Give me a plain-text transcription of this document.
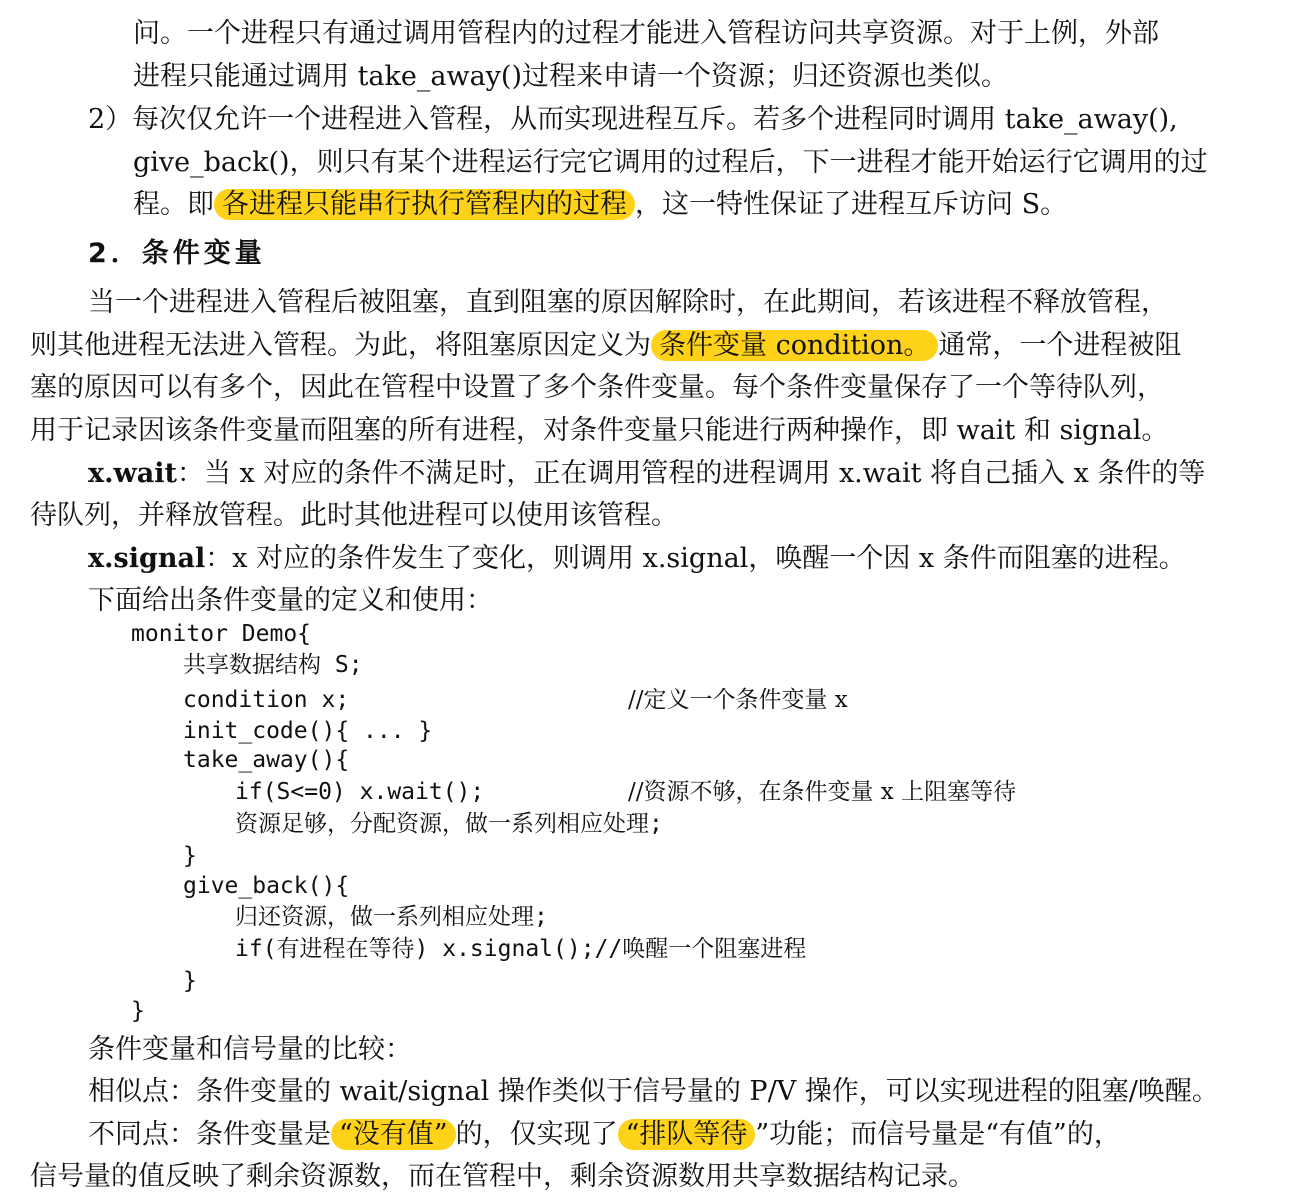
问。一个进程只有通过调用管程内的过程才能进入管程访问共享资源。对于上例，外部
进程只能通过调用 take_away()过程来申请一个资源；归还资源也类似。
2）每次仅允许一个进程进入管程，从而实现进程互斥。若多个进程同时调用 take_away(),
give_back()，则只有某个进程运行完它调用的过程后，下一进程才能开始运行它调用的过
程。即 各进程只能串行执行管程内的过程 ，这一特性保证了进程互斥访问 S。
2．条件变量
当一个进程进入管程后被阻塞，直到阻塞的原因解除时，在此期间，若该进程不释放管程，
则其他进程无法进入管程。为此，将阻塞原因定义为 条件变量 condition。 通常，一个进程被阻
塞的原因可以有多个，因此在管程中设置了多个条件变量。每个条件变量保存了一个等待队列，
用于记录因该条件变量而阻塞的所有进程，对条件变量只能进行两种操作，即 wait 和 signal。
x.wait：当 x 对应的条件不满足时，正在调用管程的进程调用 x.wait 将自己插入 x 条件的等
待队列，并释放管程。此时其他进程可以使用该管程。
x.signal：x 对应的条件发生了变化，则调用 x.signal，唤醒一个因 x 条件而阻塞的进程。
下面给出条件变量的定义和使用：
monitor Demo{
共享数据结构 S;
condition x;	//定义一个条件变量 x
init_code(){ ... }
take_away(){
if(S<=0) x.wait();	//资源不够，在条件变量 x 上阻塞等待
资源足够，分配资源，做一系列相应处理;
}
give_back(){
归还资源，做一系列相应处理;
if(有进程在等待) x.signal();//唤醒一个阻塞进程
}
}
条件变量和信号量的比较：
相似点：条件变量的 wait/signal 操作类似于信号量的 P/V 操作，可以实现进程的阻塞/唤醒。
不同点：条件变量是 “没有值” 的，仅实现了 “排队等待 ”功能；而信号量是“有值”的，
信号量的值反映了剩余资源数，而在管程中，剩余资源数用共享数据结构记录。
